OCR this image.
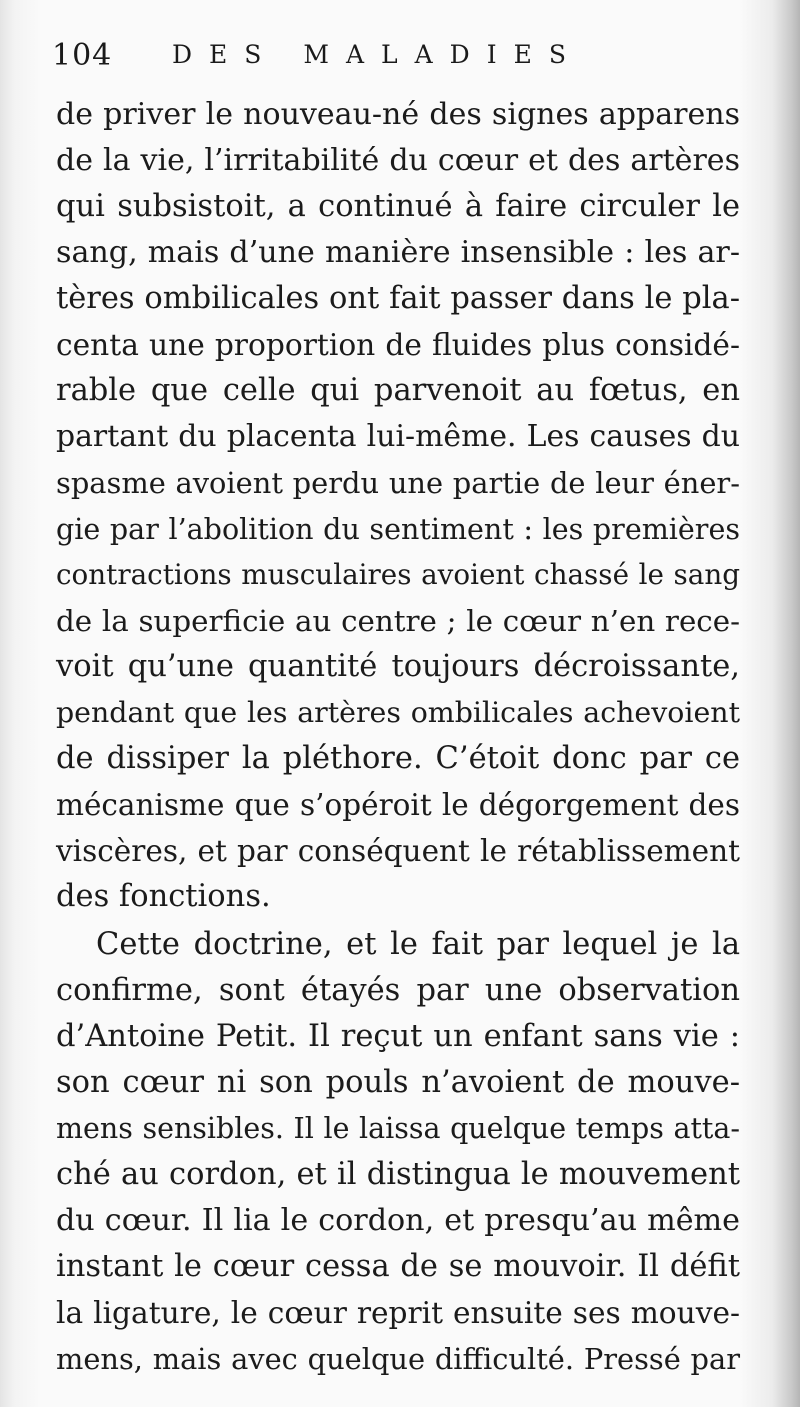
104 DES MALADIES
de priver le nouveau-né des signes apparens
de la vie, l’irritabilité du cœur et des artères
qui subsistoit, a continué à faire circuler le
sang, mais d’une manière insensible : les ar-
tères ombilicales ont fait passer dans le pla-
centa une proportion de fluides plus considé-
rable que celle qui parvenoit au fœtus, en
partant du placenta lui-même. Les causes du
spasme avoient perdu une partie de leur éner-
gie par l’abolition du sentiment : les premières
contractions musculaires avoient chassé le sang
de la superficie au centre ; le cœur n’en rece-
voit qu’une quantité toujours décroissante,
pendant que les artères ombilicales achevoient
de dissiper la pléthore. C’étoit donc par ce
mécanisme que s’opéroit le dégorgement des
viscères, et par conséquent le rétablissement
des fonctions.
Cette doctrine, et le fait par lequel je la
confirme, sont étayés par une observation
d’Antoine Petit. Il reçut un enfant sans vie :
son cœur ni son pouls n’avoient de mouve-
mens sensibles. Il le laissa quelque temps atta-
ché au cordon, et il distingua le mouvement
du cœur. Il lia le cordon, et presqu’au même
instant le cœur cessa de se mouvoir. Il défit
la ligature, le cœur reprit ensuite ses mouve-
mens, mais avec quelque difficulté. Pressé par
